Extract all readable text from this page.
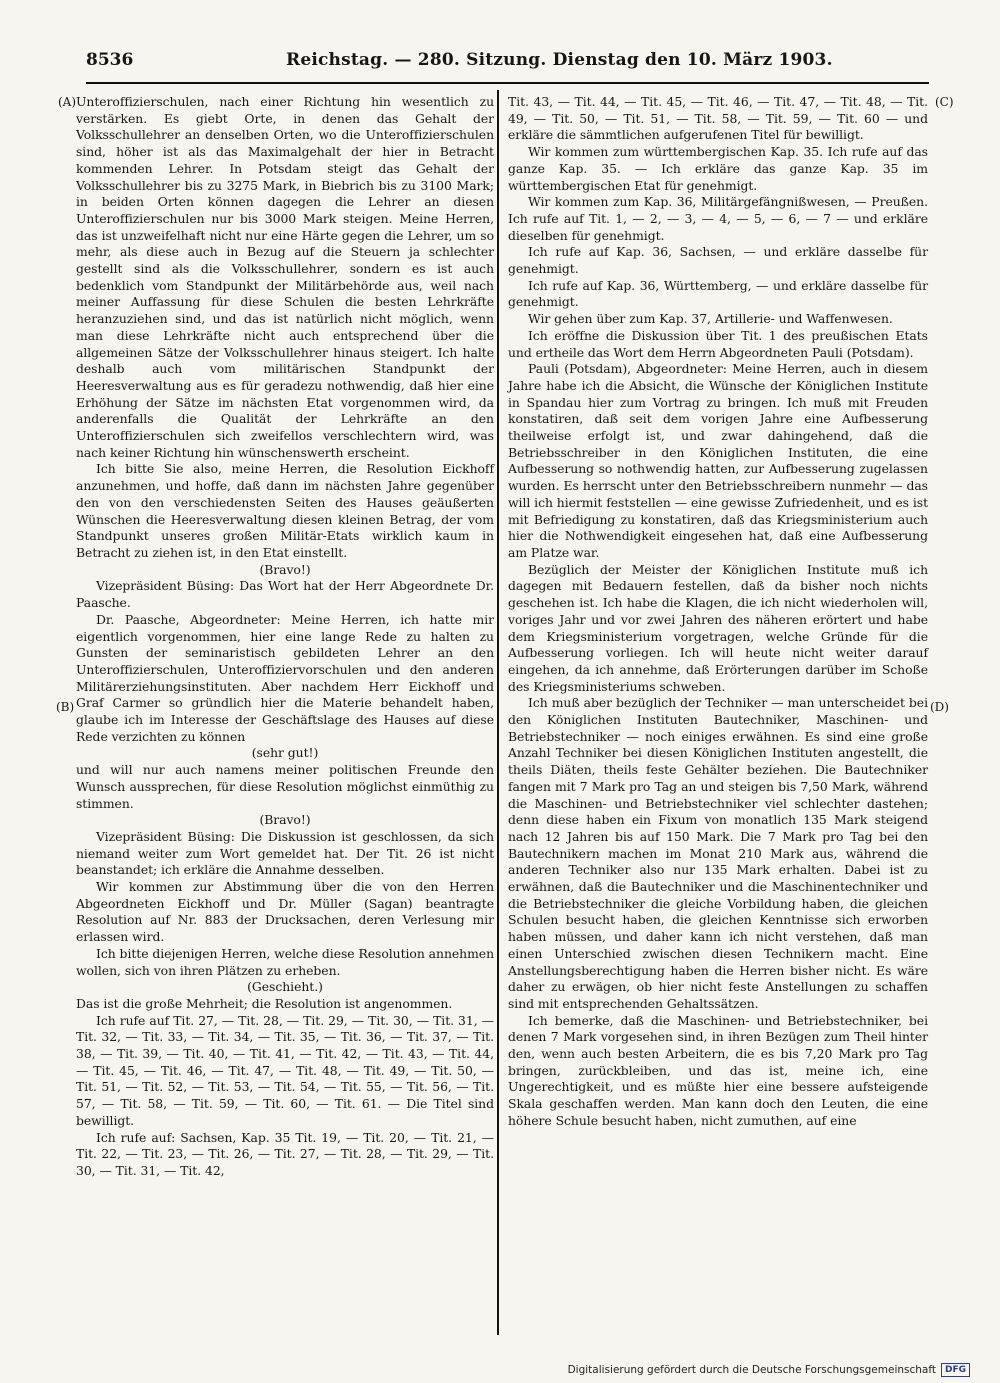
8536	Reichstag. — 280. Sitzung. Dienstag den 10. März 1903.
(A)
(B)
(C)
(D)

Unteroffizierschulen, nach einer Richtung hin wesentlich zu verstärken. Es giebt Orte, in denen das Gehalt der Volksschullehrer an denselben Orten, wo die Unteroffizierschulen sind, höher ist als das Maximalgehalt der hier in Betracht kommenden Lehrer. In Potsdam steigt das Gehalt der Volksschullehrer bis zu 3275 Mark, in Biebrich bis zu 3100 Mark; in beiden Orten können dagegen die Lehrer an diesen Unteroffizierschulen nur bis 3000 Mark steigen. Meine Herren, das ist unzweifelhaft nicht nur eine Härte gegen die Lehrer, um so mehr, als diese auch in Bezug auf die Steuern ja schlechter gestellt sind als die Volksschullehrer, sondern es ist auch bedenklich vom Standpunkt der Militärbehörde aus, weil nach meiner Auffassung für diese Schulen die besten Lehrkräfte heranzuziehen sind, und das ist natürlich nicht möglich, wenn man diese Lehrkräfte nicht auch entsprechend über die allgemeinen Sätze der Volksschullehrer hinaus steigert. Ich halte deshalb auch vom militärischen Standpunkt der Heeresverwaltung aus es für geradezu nothwendig, daß hier eine Erhöhung der Sätze im nächsten Etat vorgenommen wird, da anderenfalls die Qualität der Lehrkräfte an den Unteroffizierschulen sich zweifellos verschlechtern wird, was nach keiner Richtung hin wünschenswerth erscheint.

Ich bitte Sie also, meine Herren, die Resolution Eickhoff anzunehmen, und hoffe, daß dann im nächsten Jahre gegenüber den von den verschiedensten Seiten des Hauses geäußerten Wünschen die Heeresverwaltung diesen kleinen Betrag, der vom Standpunkt unseres großen Militär-Etats wirklich kaum in Betracht zu ziehen ist, in den Etat einstellt.

(Bravo!)

Vizepräsident Büsing: Das Wort hat der Herr Abgeordnete Dr. Paasche.

Dr. Paasche, Abgeordneter: Meine Herren, ich hatte mir eigentlich vorgenommen, hier eine lange Rede zu halten zu Gunsten der seminaristisch gebildeten Lehrer an den Unteroffizierschulen, Unteroffiziervorschulen und den anderen Militärerziehungsinstituten. Aber nachdem Herr Eickhoff und Graf Carmer so gründlich hier die Materie behandelt haben, glaube ich im Interesse der Geschäftslage des Hauses auf diese Rede verzichten zu können

(sehr gut!)

und will nur auch namens meiner politischen Freunde den Wunsch aussprechen, für diese Resolution möglichst einmüthig zu stimmen.

(Bravo!)

Vizepräsident Büsing: Die Diskussion ist geschlossen, da sich niemand weiter zum Wort gemeldet hat. Der Tit. 26 ist nicht beanstandet; ich erkläre die Annahme desselben.

Wir kommen zur Abstimmung über die von den Herren Abgeordneten Eickhoff und Dr. Müller (Sagan) beantragte Resolution auf Nr. 883 der Drucksachen, deren Verlesung mir erlassen wird.

Ich bitte diejenigen Herren, welche diese Resolution annehmen wollen, sich von ihren Plätzen zu erheben.

(Geschieht.)

Das ist die große Mehrheit; die Resolution ist angenommen.

Ich rufe auf Tit. 27, — Tit. 28, — Tit. 29, — Tit. 30, — Tit. 31, — Tit. 32, — Tit. 33, — Tit. 34, — Tit. 35, — Tit. 36, — Tit. 37, — Tit. 38, — Tit. 39, — Tit. 40, — Tit. 41, — Tit. 42, — Tit. 43, — Tit. 44, — Tit. 45, — Tit. 46, — Tit. 47, — Tit. 48, — Tit. 49, — Tit. 50, — Tit. 51, — Tit. 52, — Tit. 53, — Tit. 54, — Tit. 55, — Tit. 56, — Tit. 57, — Tit. 58, — Tit. 59, — Tit. 60, — Tit. 61. — Die Titel sind bewilligt.

Ich rufe auf: Sachsen, Kap. 35 Tit. 19, — Tit. 20, — Tit. 21, — Tit. 22, — Tit. 23, — Tit. 26, — Tit. 27, — Tit. 28, — Tit. 29, — Tit. 30, — Tit. 31, — Tit. 42,

Tit. 43, — Tit. 44, — Tit. 45, — Tit. 46, — Tit. 47, — Tit. 48, — Tit. 49, — Tit. 50, — Tit. 51, — Tit. 58, — Tit. 59, — Tit. 60 — und erkläre die sämmtlichen aufgerufenen Titel für bewilligt.

Wir kommen zum württembergischen Kap. 35. Ich rufe auf das ganze Kap. 35. — Ich erkläre das ganze Kap. 35 im württembergischen Etat für genehmigt.

Wir kommen zum Kap. 36, Militärgefängnißwesen, — Preußen. Ich rufe auf Tit. 1, — 2, — 3, — 4, — 5, — 6, — 7 — und erkläre dieselben für genehmigt.

Ich rufe auf Kap. 36, Sachsen, — und erkläre dasselbe für genehmigt.

Ich rufe auf Kap. 36, Württemberg, — und erkläre dasselbe für genehmigt.

Wir gehen über zum Kap. 37, Artillerie- und Waffenwesen.

Ich eröffne die Diskussion über Tit. 1 des preußischen Etats und ertheile das Wort dem Herrn Abgeordneten Pauli (Potsdam).

Pauli (Potsdam), Abgeordneter: Meine Herren, auch in diesem Jahre habe ich die Absicht, die Wünsche der Königlichen Institute in Spandau hier zum Vortrag zu bringen. Ich muß mit Freuden konstatiren, daß seit dem vorigen Jahre eine Aufbesserung theilweise erfolgt ist, und zwar dahingehend, daß die Betriebsschreiber in den Königlichen Instituten, die eine Aufbesserung so nothwendig hatten, zur Aufbesserung zugelassen wurden. Es herrscht unter den Betriebsschreibern nunmehr — das will ich hiermit feststellen — eine gewisse Zufriedenheit, und es ist mit Befriedigung zu konstatiren, daß das Kriegsministerium auch hier die Nothwendigkeit eingesehen hat, daß eine Aufbesserung am Platze war.

Bezüglich der Meister der Königlichen Institute muß ich dagegen mit Bedauern festellen, daß da bisher noch nichts geschehen ist. Ich habe die Klagen, die ich nicht wiederholen will, voriges Jahr und vor zwei Jahren des näheren erörtert und habe dem Kriegsministerium vorgetragen, welche Gründe für die Aufbesserung vorliegen. Ich will heute nicht weiter darauf eingehen, da ich annehme, daß Erörterungen darüber im Schoße des Kriegsministeriums schweben.

Ich muß aber bezüglich der Techniker — man unterscheidet bei den Königlichen Instituten Bautechniker, Maschinen- und Betriebstechniker — noch einiges erwähnen. Es sind eine große Anzahl Techniker bei diesen Königlichen Instituten angestellt, die theils Diäten, theils feste Gehälter beziehen. Die Bautechniker fangen mit 7 Mark pro Tag an und steigen bis 7,50 Mark, während die Maschinen- und Betriebstechniker viel schlechter dastehen; denn diese haben ein Fixum von monatlich 135 Mark steigend nach 12 Jahren bis auf 150 Mark. Die 7 Mark pro Tag bei den Bautechnikern machen im Monat 210 Mark aus, während die anderen Techniker also nur 135 Mark erhalten. Dabei ist zu erwähnen, daß die Bautechniker und die Maschinentechniker und die Betriebstechniker die gleiche Vorbildung haben, die gleichen Schulen besucht haben, die gleichen Kenntnisse sich erworben haben müssen, und daher kann ich nicht verstehen, daß man einen Unterschied zwischen diesen Technikern macht. Eine Anstellungsberechtigung haben die Herren bisher nicht. Es wäre daher zu erwägen, ob hier nicht feste Anstellungen zu schaffen sind mit entsprechenden Gehaltssätzen.

Ich bemerke, daß die Maschinen- und Betriebstechniker, bei denen 7 Mark vorgesehen sind, in ihren Bezügen zum Theil hinter den, wenn auch besten Arbeitern, die es bis 7,20 Mark pro Tag bringen, zurückbleiben, und das ist, meine ich, eine Ungerechtigkeit, und es müßte hier eine bessere aufsteigende Skala geschaffen werden. Man kann doch den Leuten, die eine höhere Schule besucht haben, nicht zumuthen, auf eine

Digitalisierung gefördert durch die Deutsche Forschungsgemeinschaft	DFG
